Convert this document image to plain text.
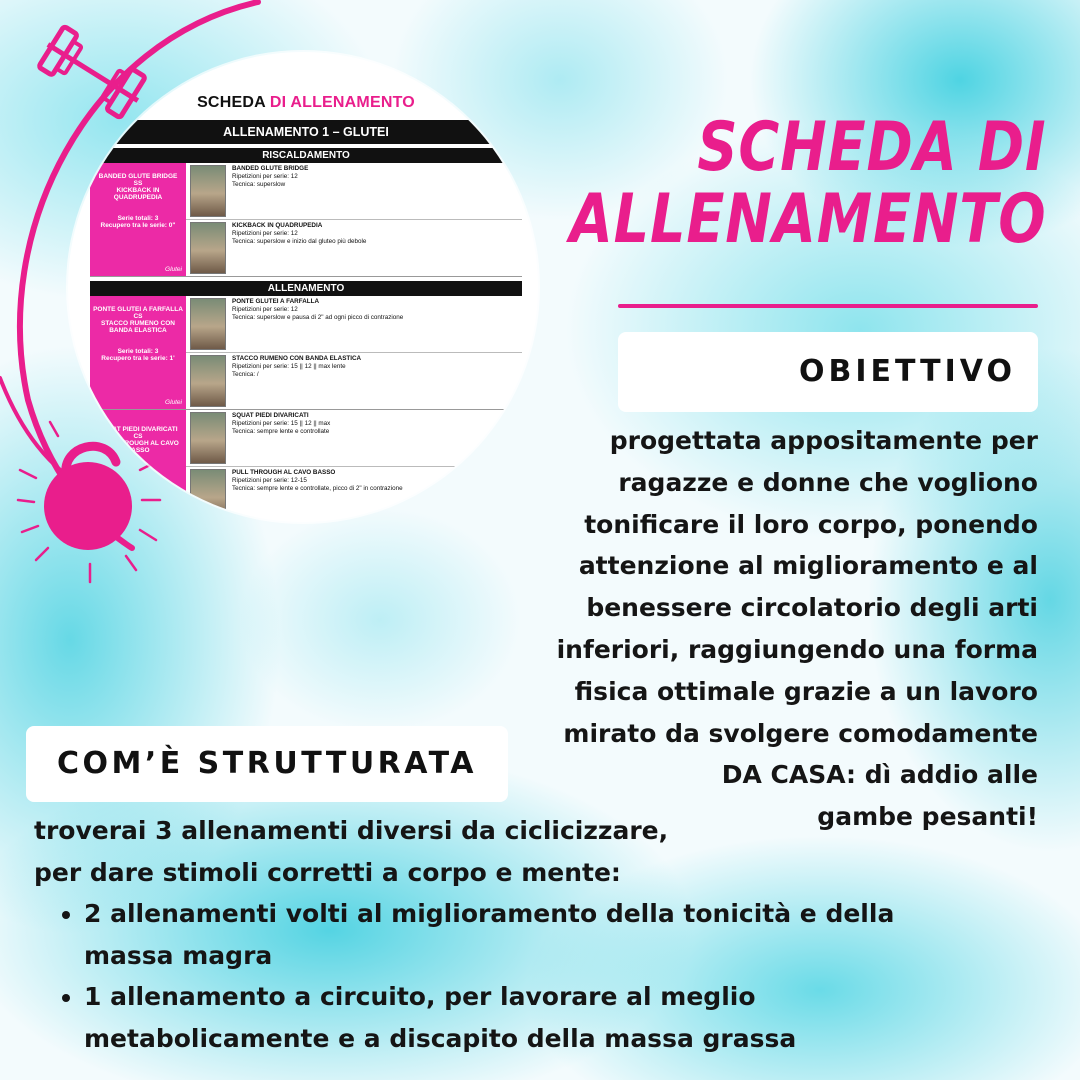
SCHEDA DI ALLENAMENTO
ALLENAMENTO 1 – GLUTEI
RISCALDAMENTO
BANDED GLUTE BRIDGE
SS
KICKBACK IN QUADRUPEDIA
Serie totali: 3
Recupero tra le serie: 0"
Glutei
BANDED GLUTE BRIDGE
Ripetizioni per serie: 12
Tecnica: superslow
KICKBACK IN QUADRUPEDIA
Ripetizioni per serie: 12
Tecnica: superslow e inizio dal gluteo più debole
ALLENAMENTO
PONTE GLUTEI A FARFALLA
CS
STACCO RUMENO CON BANDA ELASTICA
Serie totali: 3
Recupero tra le serie: 1'
Glutei
PONTE GLUTEI A FARFALLA
Ripetizioni per serie: 12
Tecnica: superslow e pausa di 2" ad ogni picco di contrazione
STACCO RUMENO CON BANDA ELASTICA
Ripetizioni per serie: 15 || 12 || max lente
Tecnica: /
SQUAT PIEDI DIVARICATI
CS
PULL THROUGH AL CAVO BASSO
SQUAT PIEDI DIVARICATI
Ripetizioni per serie: 15 || 12 || max
Tecnica: sempre lente e controllate
PULL THROUGH AL CAVO BASSO
Ripetizioni per serie: 12-15
Tecnica: sempre lente e controllate, picco di 2" in contrazione
SCHEDA DI
ALLENAMENTO
OBIETTIVO
progettata appositamente per
ragazze e donne che vogliono
tonificare il loro corpo, ponendo
attenzione al miglioramento e al
benessere circolatorio degli arti
inferiori, raggiungendo una forma
fisica ottimale grazie a un lavoro
mirato da svolgere comodamente
DA CASA: dì addio alle
gambe pesanti!
COM’È STRUTTURATA

troverai 3 allenamenti diversi da ciclicizzare,

per dare stimoli corretti a corpo e mente:

• 2 allenamenti volti al miglioramento della tonicità e della
massa magra
• 1 allenamento a circuito, per lavorare al meglio
metabolicamente e a discapito della massa grassa
